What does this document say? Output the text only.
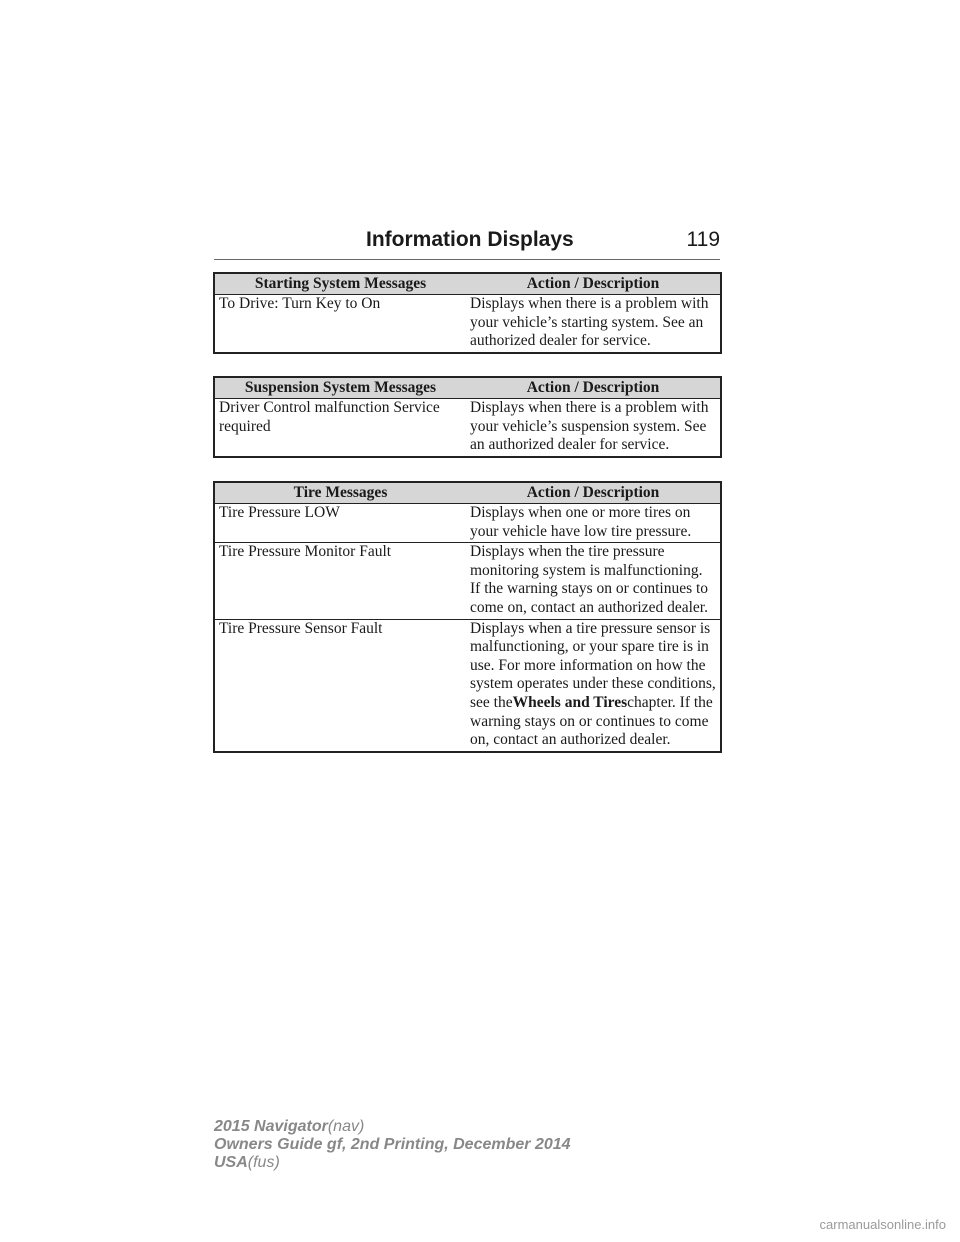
Information Displays	119
Starting System Messages	Action / Description
To Drive: Turn Key to On	Displays when there is a problem with your vehicle’s starting system. See an authorized dealer for service.
Suspension System Messages	Action / Description
Driver Control malfunction Service required	Displays when there is a problem with your vehicle’s suspension system. See an authorized dealer for service.
Tire Messages	Action / Description
Tire Pressure LOW	Displays when one or more tires on your vehicle have low tire pressure.
Tire Pressure Monitor Fault	Displays when the tire pressure monitoring system is malfunctioning. If the warning stays on or continues to come on, contact an authorized dealer.
Tire Pressure Sensor Fault	Displays when a tire pressure sensor is malfunctioning, or your spare tire is in use. For more information on how the system operates under these conditions, see theWheels and Tireschapter. If the warning stays on or continues to come on, contact an authorized dealer.
2015 Navigator(nav)
Owners Guide gf, 2nd Printing, December 2014
USA(fus)
carmanualsonline.info
